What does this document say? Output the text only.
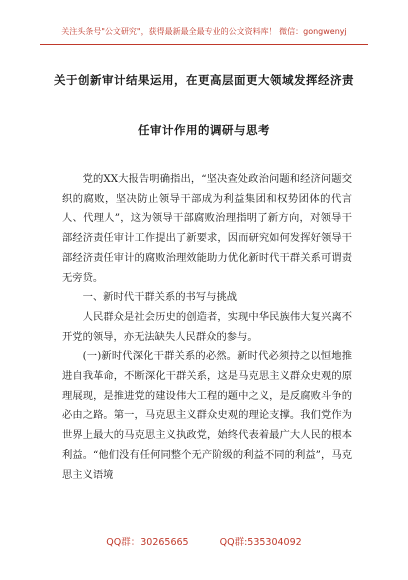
关注头条号"公文研究"，获得最新最全最专业的公文资料库！ 微信：gongwenyj
关于创新审计结果运用，在更高层面更大领域发挥经济责
任审计作用的调研与思考

党的XX大报告明确指出，“坚决查处政治问题和经济问题交织的腐败，坚决防止领导干部成为利益集团和权势团体的代言人、代理人”，这为领导干部腐败治理指明了新方向，对领导干部经济责任审计工作提出了新要求，因而研究如何发挥好领导干部经济责任审计的腐败治理效能助力优化新时代干群关系可谓责无旁贷。

一、新时代干群关系的书写与挑战

人民群众是社会历史的创造者，实现中华民族伟大复兴离不开党的领导，亦无法缺失人民群众的参与。

(一)新时代深化干群关系的必然。新时代必须持之以恒地推进自我革命，不断深化干群关系，这是马克思主义群众史观的原理展现，是推进党的建设伟大工程的题中之义，是反腐败斗争的必由之路。第一，马克思主义群众史观的理论支撑。我们党作为世界上最大的马克思主义执政党，始终代表着最广大人民的根本利益。“他们没有任何同整个无产阶级的利益不同的利益”，马克思主义语境

QQ群：30265665	QQ群:535304092
